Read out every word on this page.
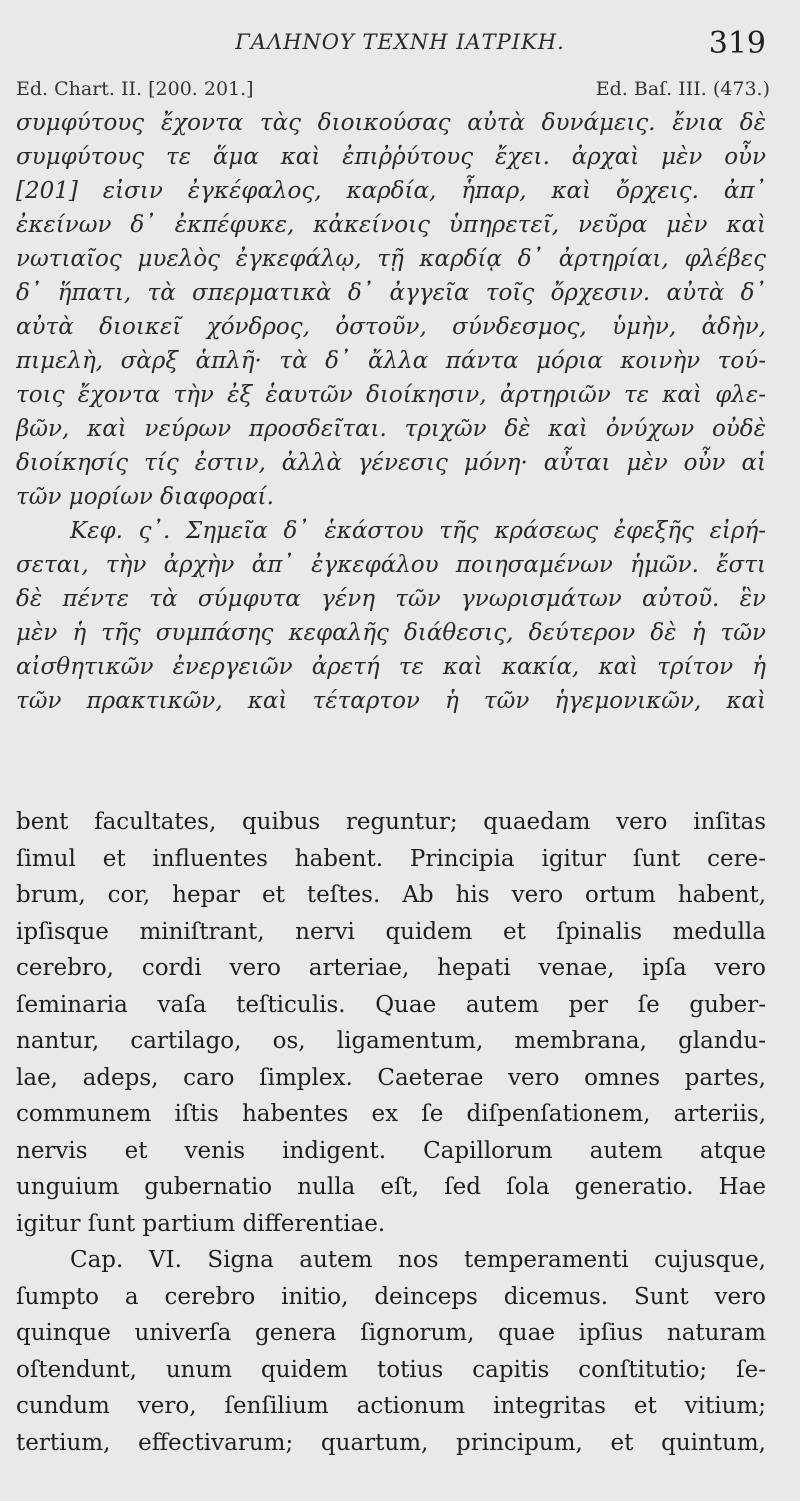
ΓΑΛΗΝΟΥ ΤΕΧΝΗ ΙΑΤΡΙΚΗ.	319
Ed. Chart. II. [200. 201.]	Ed. Baſ. III. (473.)
συμφύτους ἔχοντα τὰς διοικούσας αὐτὰ δυνάμεις. ἔνια δὲ
συμφύτους τε ἅμα καὶ ἐπιῤῥύτους ἔχει. ἀρχαὶ μὲν οὖν
[201] εἰσιν ἐγκέφαλος, καρδία, ἧπαρ, καὶ ὄρχεις. ἀπ᾽
ἐκείνων δ᾽ ἐκπέφυκε, κἀκείνοις ὑπηρετεῖ, νεῦρα μὲν καὶ
νωτιαῖος μυελὸς ἐγκεφάλῳ, τῇ καρδίᾳ δ᾽ ἀρτηρίαι, φλέβες
δ᾽ ἥπατι, τὰ σπερματικὰ δ᾽ ἀγγεῖα τοῖς ὄρχεσιν. αὐτὰ δ᾽
αὐτὰ διοικεῖ χόνδρος, ὀστοῦν, σύνδεσμος, ὑμὴν, ἀδὴν,
πιμελὴ, σὰρξ ἁπλῆ· τὰ δ᾽ ἄλλα πάντα μόρια κοινὴν τού-
τοις ἔχοντα τὴν ἐξ ἑαυτῶν διοίκησιν, ἀρτηριῶν τε καὶ φλε-
βῶν, καὶ νεύρων προσδεῖται. τριχῶν δὲ καὶ ὀνύχων οὐδὲ
διοίκησίς τίς ἐστιν, ἀλλὰ γένεσις μόνη· αὗται μὲν οὖν αἱ
τῶν μορίων διαφοραί.
Κεφ. ς᾽. Σημεῖα δ᾽ ἑκάστου τῆς κράσεως ἐφεξῆς εἰρή-
σεται, τὴν ἀρχὴν ἀπ᾽ ἐγκεφάλου ποιησαμένων ἡμῶν. ἔστι
δὲ πέντε τὰ σύμφυτα γένη τῶν γνωρισμάτων αὐτοῦ. ἓν
μὲν ἡ τῆς συμπάσης κεφαλῆς διάθεσις, δεύτερον δὲ ἡ τῶν
αἰσθητικῶν ἐνεργειῶν ἀρετή τε καὶ κακία, καὶ τρίτον ἡ
τῶν πρακτικῶν, καὶ τέταρτον ἡ τῶν ἡγεμονικῶν, καὶ
bent facultates, quibus reguntur; quaedam vero inſitas
ſimul et influentes habent. Principia igitur ſunt cere-
brum, cor, hepar et teſtes. Ab his vero ortum habent,
ipſisque miniſtrant, nervi quidem et ſpinalis medulla
cerebro, cordi vero arteriae, hepati venae, ipſa vero
ſeminaria vaſa teſticulis. Quae autem per ſe guber-
nantur, cartilago, os, ligamentum, membrana, glandu-
lae, adeps, caro ſimplex. Caeterae vero omnes partes,
communem iſtis habentes ex ſe diſpenſationem, arteriis,
nervis et venis indigent. Capillorum autem atque
unguium gubernatio nulla eſt, ſed ſola generatio. Hae
igitur ſunt partium differentiae.
Cap. VI. Signa autem nos temperamenti cujusque,
ſumpto a cerebro initio, deinceps dicemus. Sunt vero
quinque univerſa genera ſignorum, quae ipſius naturam
oſtendunt, unum quidem totius capitis conſtitutio; ſe-
cundum vero, ſenſilium actionum integritas et vitium;
tertium, effectivarum; quartum, principum, et quintum,
